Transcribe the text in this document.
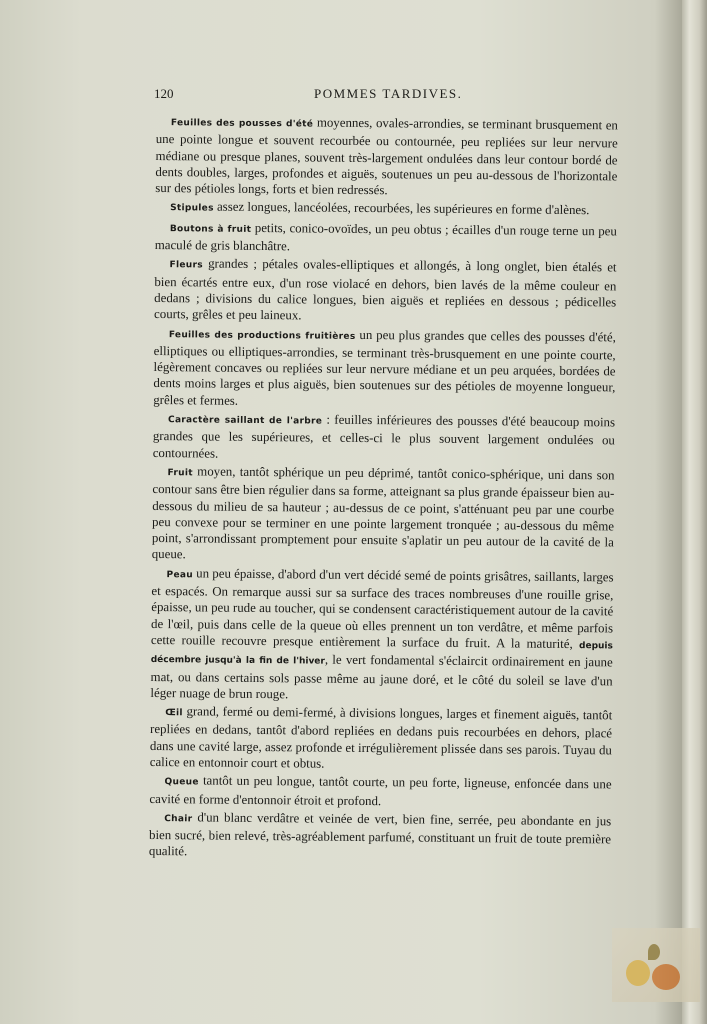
120	POMMES TARDIVES.

Feuilles des pousses d'été moyennes, ovales-arrondies, se terminant brusquement en une pointe longue et souvent recourbée ou contournée, peu repliées sur leur nervure médiane ou presque planes, souvent très-largement ondulées dans leur contour bordé de dents doubles, larges, profondes et aiguës, soutenues un peu au-dessous de l'horizontale sur des pétioles longs, forts et bien redressés.

Stipules assez longues, lancéolées, recourbées, les supérieures en forme d'alènes.

Boutons à fruit petits, conico-ovoïdes, un peu obtus ; écailles d'un rouge terne un peu maculé de gris blanchâtre.

Fleurs grandes ; pétales ovales-elliptiques et allongés, à long onglet, bien étalés et bien écartés entre eux, d'un rose violacé en dehors, bien lavés de la même couleur en dedans ; divisions du calice longues, bien aiguës et repliées en dessous ; pédicelles courts, grêles et peu laineux.

Feuilles des productions fruitières un peu plus grandes que celles des pousses d'été, elliptiques ou elliptiques-arrondies, se terminant très-brusquement en une pointe courte, légèrement concaves ou repliées sur leur nervure médiane et un peu arquées, bordées de dents moins larges et plus aiguës, bien soutenues sur des pétioles de moyenne longueur, grêles et fermes.

Caractère saillant de l'arbre : feuilles inférieures des pousses d'été beaucoup moins grandes que les supérieures, et celles-ci le plus souvent largement ondulées ou contournées.

Fruit moyen, tantôt sphérique un peu déprimé, tantôt conico-sphérique, uni dans son contour sans être bien régulier dans sa forme, atteignant sa plus grande épaisseur bien au-dessous du milieu de sa hauteur ; au-dessus de ce point, s'atténuant peu par une courbe peu convexe pour se terminer en une pointe largement tronquée ; au-dessous du même point, s'arrondissant promptement pour ensuite s'aplatir un peu autour de la cavité de la queue.

Peau un peu épaisse, d'abord d'un vert décidé semé de points grisâtres, saillants, larges et espacés. On remarque aussi sur sa surface des traces nombreuses d'une rouille grise, épaisse, un peu rude au toucher, qui se condensent caractéristiquement autour de la cavité de l'œil, puis dans celle de la queue où elles prennent un ton verdâtre, et même parfois cette rouille recouvre presque entièrement la surface du fruit. A la maturité, depuis décembre jusqu'à la fin de l'hiver, le vert fondamental s'éclaircit ordinairement en jaune mat, ou dans certains sols passe même au jaune doré, et le côté du soleil se lave d'un léger nuage de brun rouge.

Œil grand, fermé ou demi-fermé, à divisions longues, larges et finement aiguës, tantôt repliées en dedans, tantôt d'abord repliées en dedans puis recourbées en dehors, placé dans une cavité large, assez profonde et irrégulièrement plissée dans ses parois. Tuyau du calice en entonnoir court et obtus.

Queue tantôt un peu longue, tantôt courte, un peu forte, ligneuse, enfoncée dans une cavité en forme d'entonnoir étroit et profond.

Chair d'un blanc verdâtre et veinée de vert, bien fine, serrée, peu abondante en jus bien sucré, bien relevé, très-agréablement parfumé, constituant un fruit de toute première qualité.
